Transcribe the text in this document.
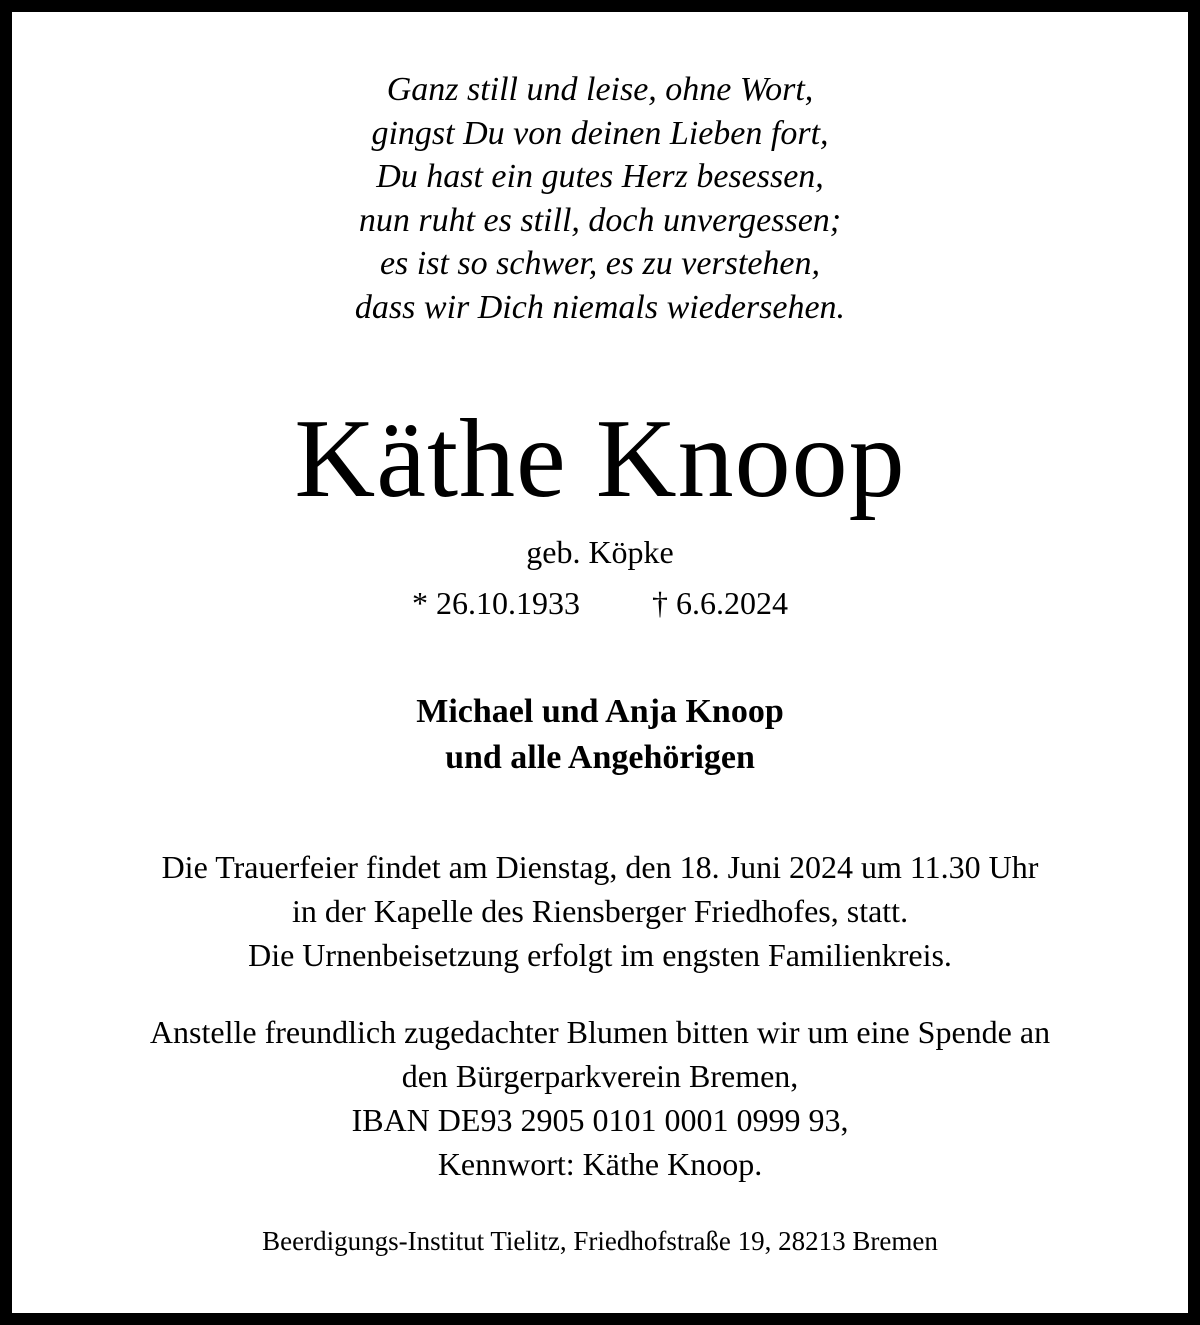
Ganz still und leise, ohne Wort,
gingst Du von deinen Lieben fort,
Du hast ein gutes Herz besessen,
nun ruht es still, doch unvergessen;
es ist so schwer, es zu verstehen,
dass wir Dich niemals wiedersehen.
Käthe Knoop
geb. Köpke
* 26.10.1933 † 6.6.2024
Michael und Anja Knoop
und alle Angehörigen
Die Trauerfeier findet am Dienstag, den 18. Juni 2024 um 11.30 Uhr
in der Kapelle des Riensberger Friedhofes, statt.
Die Urnenbeisetzung erfolgt im engsten Familienkreis.
Anstelle freundlich zugedachter Blumen bitten wir um eine Spende an
den Bürgerparkverein Bremen,
IBAN DE93 2905 0101 0001 0999 93,
Kennwort: Käthe Knoop.
Beerdigungs-Institut Tielitz, Friedhofstraße 19, 28213 Bremen
